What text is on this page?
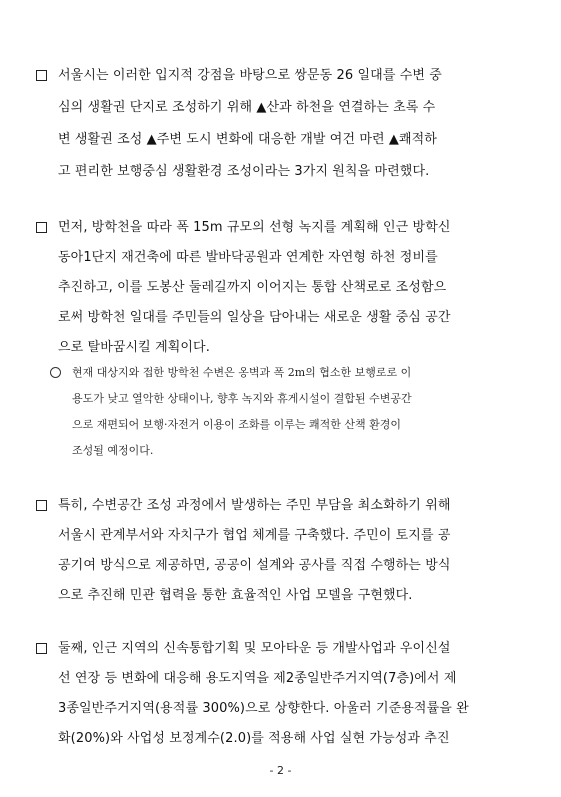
서울시는 이러한 입지적 강점을 바탕으로 쌍문동 26 일대를 수변 중
심의 생활권 단지로 조성하기 위해 ▲산과 하천을 연결하는 초록 수
변 생활권 조성 ▲주변 도시 변화에 대응한 개발 여건 마련 ▲쾌적하
고 편리한 보행중심 생활환경 조성이라는 3가지 원칙을 마련했다.
먼저, 방학천을 따라 폭 15m 규모의 선형 녹지를 계획해 인근 방학신
동아1단지 재건축에 따른 발바닥공원과 연계한 자연형 하천 정비를
추진하고, 이를 도봉산 둘레길까지 이어지는 통합 산책로로 조성함으
로써 방학천 일대를 주민들의 일상을 담아내는 새로운 생활 중심 공간
으로 탈바꿈시킬 계획이다.
현재 대상지와 접한 방학천 수변은 옹벽과 폭 2m의 협소한 보행로로 이
용도가 낮고 열악한 상태이나, 향후 녹지와 휴게시설이 결합된 수변공간
으로 재편되어 보행·자전거 이용이 조화를 이루는 쾌적한 산책 환경이
조성될 예정이다.
특히, 수변공간 조성 과정에서 발생하는 주민 부담을 최소화하기 위해
서울시 관계부서와 자치구가 협업 체계를 구축했다. 주민이 토지를 공
공기여 방식으로 제공하면, 공공이 설계와 공사를 직접 수행하는 방식
으로 추진해 민관 협력을 통한 효율적인 사업 모델을 구현했다.
둘째, 인근 지역의 신속통합기획 및 모아타운 등 개발사업과 우이신설
선 연장 등 변화에 대응해 용도지역을 제2종일반주거지역(7층)에서 제
3종일반주거지역(용적률 300%)으로 상향한다. 아울러 기준용적률을 완
화(20%)와 사업성 보정계수(2.0)를 적용해 사업 실현 가능성과 추진
- 2 -
